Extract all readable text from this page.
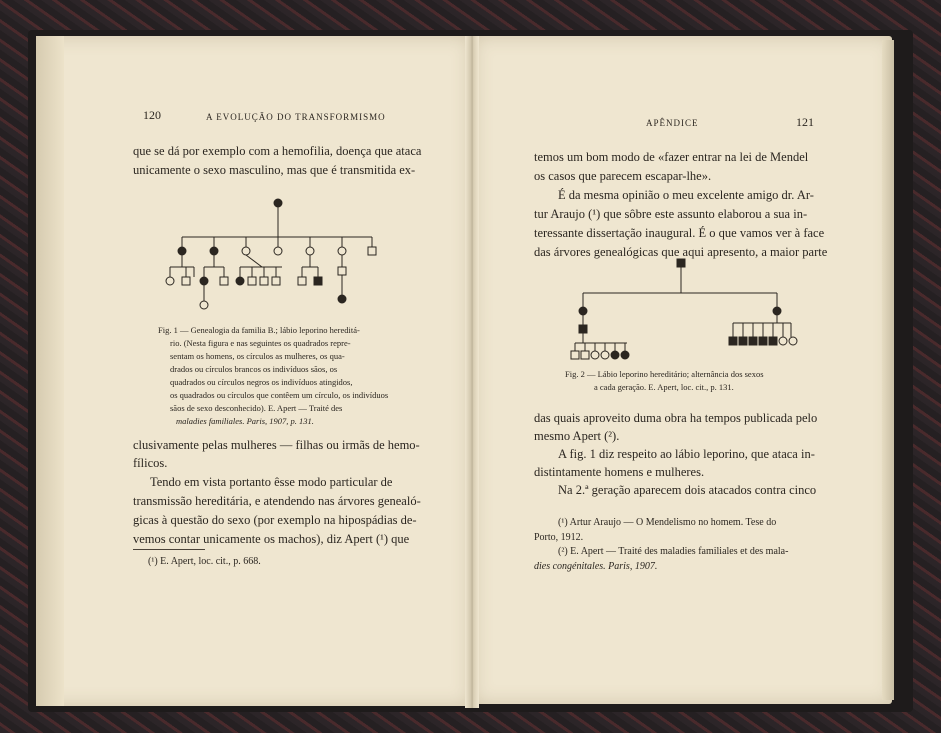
120	A EVOLUÇÃO DO TRANSFORMISMO
que se dá por exemplo com a hemofilia, doença que ataca
unicamente o sexo masculino, mas que é transmitida ex-
Fig. 1 — Genealogia da familia B.; lábio leporino hereditá-
rio. (Nesta figura e nas seguintes os quadrados repre-
sentam os homens, os círculos as mulheres, os qua-
drados ou círculos brancos os indivíduos sãos, os
quadrados ou círculos negros os indivíduos atingidos,
os quadrados ou círculos que contêem um círculo, os indivíduos
sãos de sexo desconhecido). E. Apert — Traité des
maladies familiales. Paris, 1907, p. 131.
clusivamente pelas mulheres — filhas ou irmãs de hemo-
fílicos.
Tendo em vista portanto êsse modo particular de
transmissão hereditária, e atendendo nas árvores genealó-
gicas à questão do sexo (por exemplo na hipospádias de-
vemos contar unicamente os machos), diz Apert (¹) que
(¹) E. Apert, loc. cit., p. 668.
APÊNDICE	121
temos um bom modo de «fazer entrar na lei de Mendel
os casos que parecem escapar-lhe».
É da mesma opinião o meu excelente amigo dr. Ar-
tur Araujo (¹) que sôbre este assunto elaborou a sua in-
teressante dissertação inaugural. É o que vamos ver à face
das árvores genealógicas que aqui apresento, a maior parte
Fig. 2 — Lábio leporino hereditário; alternância dos sexos
a cada geração. E. Apert, loc. cit., p. 131.
das quais aproveito duma obra ha tempos publicada pelo
mesmo Apert (²).
A fig. 1 diz respeito ao lábio leporino, que ataca in-
distintamente homens e mulheres.
Na 2.ª geração aparecem dois atacados contra cinco
(¹) Artur Araujo — O Mendelismo no homem. Tese do
Porto, 1912.
(²) E. Apert — Traité des maladies familiales et des mala-
dies congénitales. Paris, 1907.
